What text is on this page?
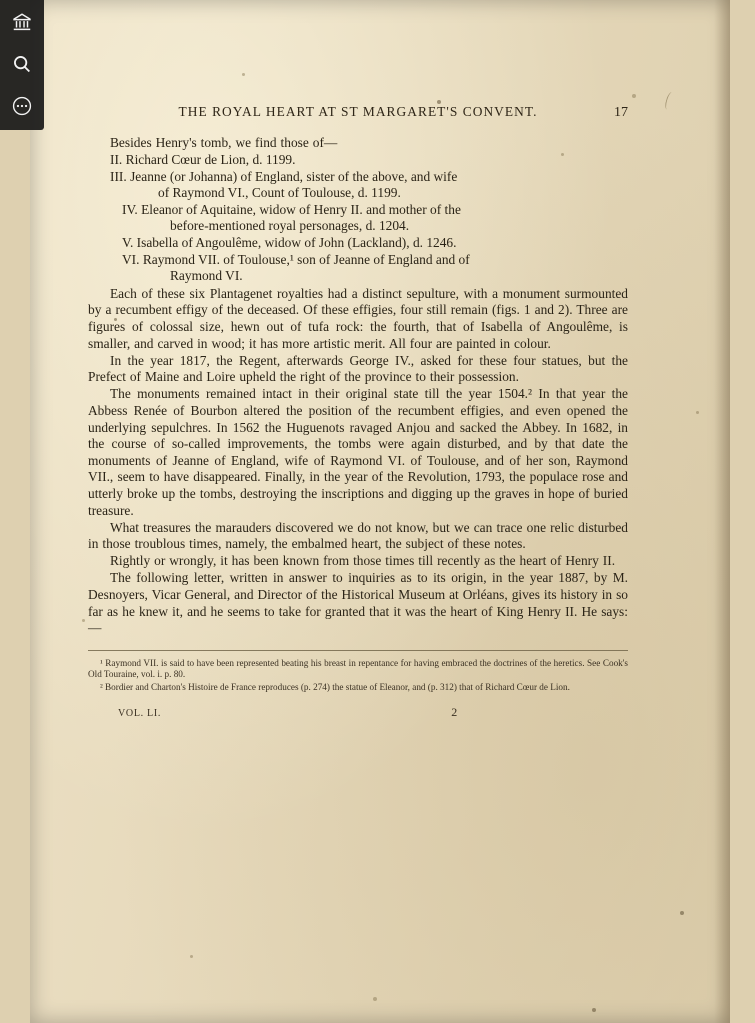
THE ROYAL HEART AT ST MARGARET'S CONVENT.	17

Besides Henry's tomb, we find those of—

II. Richard Cœur de Lion, d. 1199.
III. Jeanne (or Johanna) of England, sister of the above, and wife
of Raymond VI., Count of Toulouse, d. 1199.
IV. Eleanor of Aquitaine, widow of Henry II. and mother of the
before-mentioned royal personages, d. 1204.
V. Isabella of Angoulême, widow of John (Lackland), d. 1246.
VI. Raymond VII. of Toulouse,¹ son of Jeanne of England and of
Raymond VI.

Each of these six Plantagenet royalties had a distinct sepulture, with a monument surmounted by a recumbent effigy of the deceased. Of these effigies, four still remain (figs. 1 and 2). Three are figures of colossal size, hewn out of tufa rock: the fourth, that of Isabella of Angoulême, is smaller, and carved in wood; it has more artistic merit. All four are painted in colour.

In the year 1817, the Regent, afterwards George IV., asked for these four statues, but the Prefect of Maine and Loire upheld the right of the province to their possession.

The monuments remained intact in their original state till the year 1504.² In that year the Abbess Renée of Bourbon altered the position of the recumbent effigies, and even opened the underlying sepulchres. In 1562 the Huguenots ravaged Anjou and sacked the Abbey. In 1682, in the course of so-called improvements, the tombs were again disturbed, and by that date the monuments of Jeanne of England, wife of Raymond VI. of Toulouse, and of her son, Raymond VII., seem to have disappeared. Finally, in the year of the Revolution, 1793, the populace rose and utterly broke up the tombs, destroying the inscriptions and digging up the graves in hope of buried treasure.

What treasures the marauders discovered we do not know, but we can trace one relic disturbed in those troublous times, namely, the embalmed heart, the subject of these notes.

Rightly or wrongly, it has been known from those times till recently as the heart of Henry II.

The following letter, written in answer to inquiries as to its origin, in the year 1887, by M. Desnoyers, Vicar General, and Director of the Historical Museum at Orléans, gives its history in so far as he knew it, and he seems to take for granted that it was the heart of King Henry II. He says:—

¹ Raymond VII. is said to have been represented beating his breast in repentance for having embraced the doctrines of the heretics. See Cook's Old Touraine, vol. i. p. 80.

² Bordier and Charton's Histoire de France reproduces (p. 274) the statue of Eleanor, and (p. 312) that of Richard Cœur de Lion.

VOL. LI.	2
